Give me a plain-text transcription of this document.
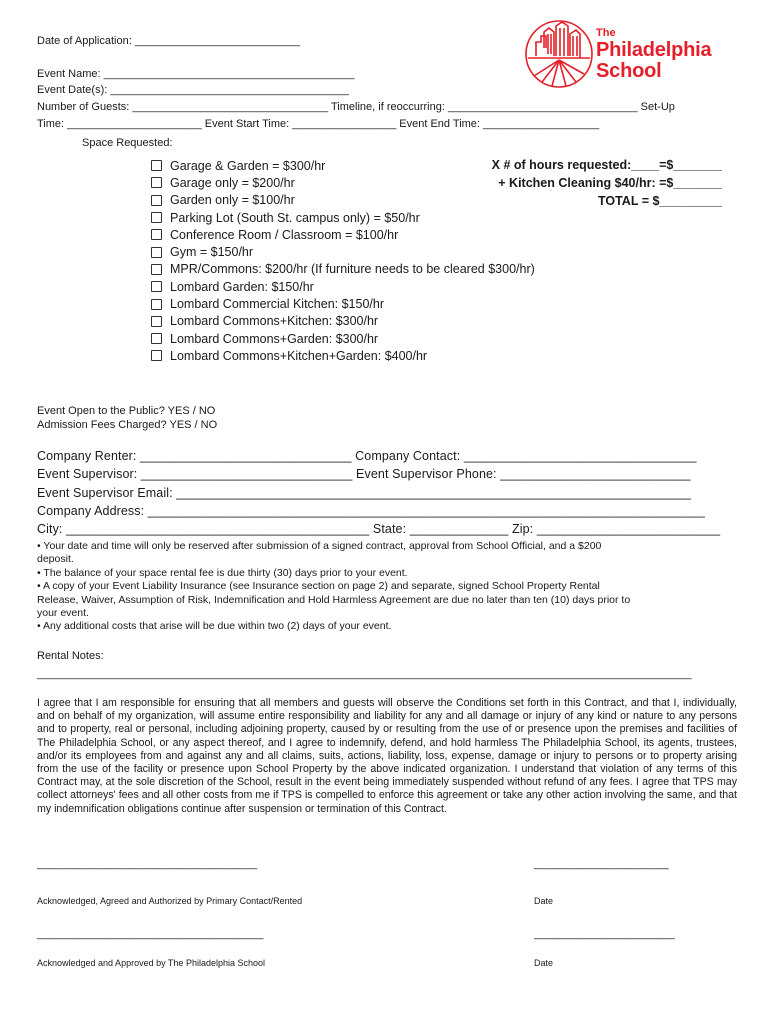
The
Philadelphia
School
Date of Application: ___________________________
Event Name: _________________________________________
Event Date(s): _______________________________________
Number of Guests: ________________________________ Timeline, if reoccurring: _______________________________ Set-Up
Time: ______________________ Event Start Time: _________________ Event End Time: ___________________
Space Requested:
Garage & Garden = $300/hr
Garage only = $200/hr
Garden only = $100/hr
Parking Lot (South St. campus only) = $50/hr
Conference Room / Classroom = $100/hr
Gym = $150/hr
MPR/Commons: $200/hr (If furniture needs to be cleared $300/hr)
Lombard Garden: $150/hr
Lombard Commercial Kitchen: $150/hr
Lombard Commons+Kitchen: $300/hr
Lombard Commons+Garden: $300/hr
Lombard Commons+Kitchen+Garden: $400/hr
X # of hours requested:____=$_______
+ Kitchen Cleaning $40/hr: =$_______
TOTAL = $_________
Event Open to the Public? YES / NO
Admission Fees Charged? YES / NO
Company Renter: ______________________________ Company Contact: _________________________________
Event Supervisor: ______________________________ Event Supervisor Phone: ___________________________
Event Supervisor Email: _________________________________________________________________________
Company Address: _______________________________________________________________________________
City: ___________________________________________ State: ______________ Zip: __________________________
• Your date and time will only be reserved after submission of a signed contract, approval from School Official, and a $200
deposit.
• The balance of your space rental fee is due thirty (30) days prior to your event.
• A copy of your Event Liability Insurance (see Insurance section on page 2) and separate, signed School Property Rental
Release, Waiver, Assumption of Risk, Indemnification and Hold Harmless Agreement are due no later than ten (10) days prior to
your event.
• Any additional costs that arise will be due within two (2) days of your event.
Rental Notes:
___________________________________________________________________________________________________________
I agree that I am responsible for ensuring that all members and guests will observe the Conditions set forth in this Contract, and that I, individually, and on behalf of my organization, will assume entire responsibility and liability for any and all damage or injury of any kind or nature to any persons and to property, real or personal, including adjoining property, caused by or resulting from the use of or presence upon the premises and facilities of The Philadelphia School, or any aspect thereof, and I agree to indemnify, defend, and hold harmless The Philadelphia School, its agents, trustees, and/or its employees from and against any and all claims, suits, actions, liability, loss, expense, damage or injury to persons or to property arising from the use of the facility or presence upon School Property by the above indicated organization. I understand that violation of any terms of this Contract may, at the sole discretion of the School, result in the event being immediately suspended without refund of any fees. I agree that TPS may collect attorneys' fees and all other costs from me if TPS is compelled to enforce this agreement or take any other action involving the same, and that my indemnification obligations continue after suspension or termination of this Contract.
____________________________________	______________________
Acknowledged, Agreed and Authorized by Primary Contact/Rented	Date
_____________________________________	_______________________
Acknowledged and Approved by The Philadelphia School	Date
